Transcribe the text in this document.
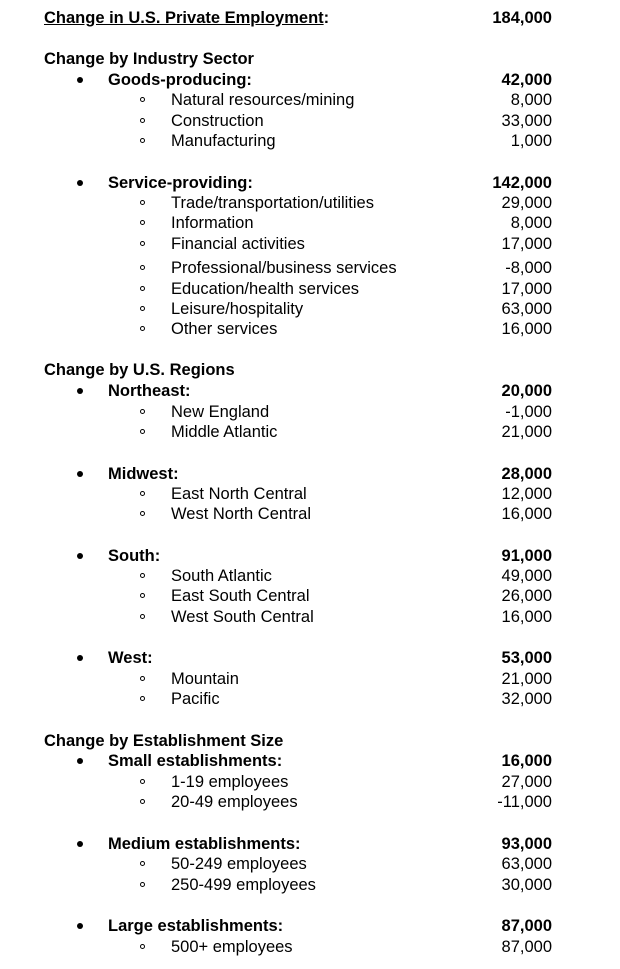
Change in U.S. Private Employment:	184,000
Change by Industry Sector
Goods-producing:	42,000
Natural resources/mining	8,000
Construction	33,000
Manufacturing	1,000
Service-providing:	142,000
Trade/transportation/utilities	29,000
Information	8,000
Financial activities	17,000
Professional/business services	-8,000
Education/health services	17,000
Leisure/hospitality	63,000
Other services	16,000
Change by U.S. Regions
Northeast:	20,000
New England	-1,000
Middle Atlantic	21,000
Midwest:	28,000
East North Central	12,000
West North Central	16,000
South:	91,000
South Atlantic	49,000
East South Central	26,000
West South Central	16,000
West:	53,000
Mountain	21,000
Pacific	32,000
Change by Establishment Size
Small establishments:	16,000
1-19 employees	27,000
20-49 employees	-11,000
Medium establishments:	93,000
50-249 employees	63,000
250-499 employees	30,000
Large establishments:	87,000
500+ employees	87,000
